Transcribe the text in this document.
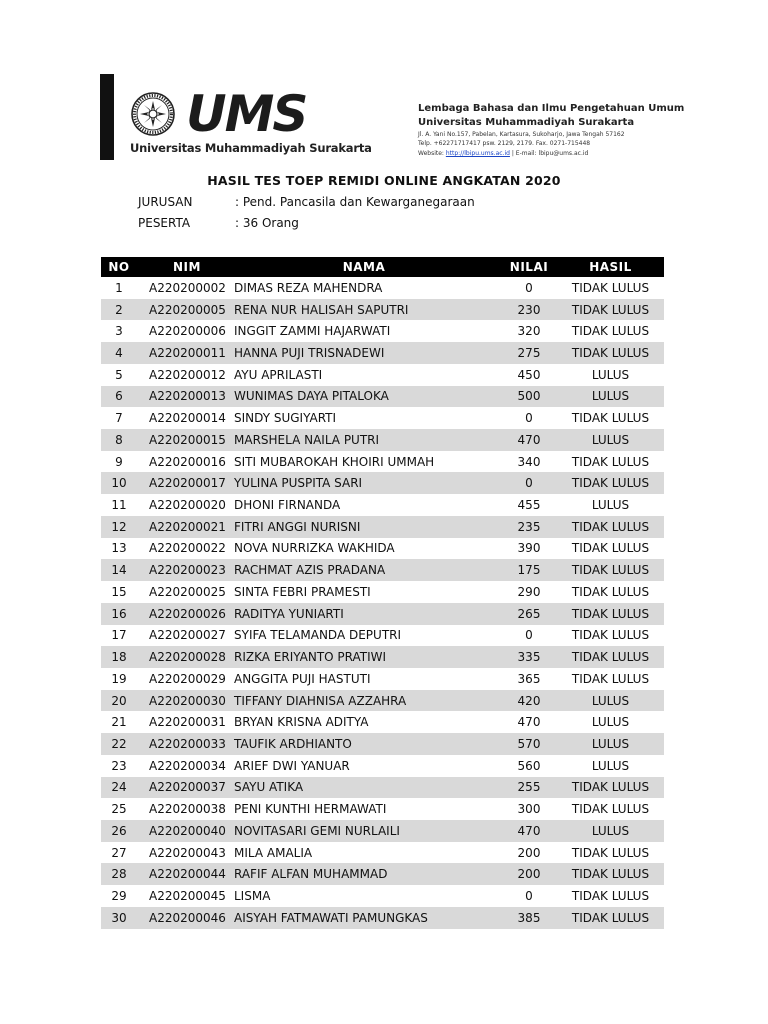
UMS
Universitas Muhammadiyah Surakarta
Lembaga Bahasa dan Ilmu Pengetahuan Umum
Universitas Muhammadiyah Surakarta
Jl. A. Yani No.157, Pabelan, Kartasura, Sukoharjo, Jawa Tengah 57162
Telp. +62271717417 psw. 2129, 2179. Fax. 0271-715448
Website: http://lbipu.ums.ac.id | E-mail: lbipu@ums.ac.id
HASIL TES TOEP REMIDI ONLINE ANGKATAN 2020
JURUSAN	: Pend. Pancasila dan Kewarganegaraan
PESERTA	: 36 Orang
NO	NIM	NAMA	NILAI	HASIL
1	A220200002 DIMAS REZA MAHENDRA	0	TIDAK LULUS
2	A220200005 RENA NUR HALISAH SAPUTRI	230	TIDAK LULUS
3	A220200006 INGGIT ZAMMI HAJARWATI	320	TIDAK LULUS
4	A220200011 HANNA PUJI TRISNADEWI	275	TIDAK LULUS
5	A220200012 AYU APRILASTI	450	LULUS
6	A220200013 WUNIMAS DAYA PITALOKA	500	LULUS
7	A220200014 SINDY SUGIYARTI	0	TIDAK LULUS
8	A220200015 MARSHELA NAILA PUTRI	470	LULUS
9	A220200016 SITI MUBAROKAH KHOIRI UMMAH	340	TIDAK LULUS
10	A220200017 YULINA PUSPITA SARI	0	TIDAK LULUS
11	A220200020 DHONI FIRNANDA	455	LULUS
12	A220200021 FITRI ANGGI NURISNI	235	TIDAK LULUS
13	A220200022 NOVA NURRIZKA WAKHIDA	390	TIDAK LULUS
14	A220200023 RACHMAT AZIS PRADANA	175	TIDAK LULUS
15	A220200025 SINTA FEBRI PRAMESTI	290	TIDAK LULUS
16	A220200026 RADITYA YUNIARTI	265	TIDAK LULUS
17	A220200027 SYIFA TELAMANDA DEPUTRI	0	TIDAK LULUS
18	A220200028 RIZKA ERIYANTO PRATIWI	335	TIDAK LULUS
19	A220200029 ANGGITA PUJI HASTUTI	365	TIDAK LULUS
20	A220200030 TIFFANY DIAHNISA AZZAHRA	420	LULUS
21	A220200031 BRYAN KRISNA ADITYA	470	LULUS
22	A220200033 TAUFIK ARDHIANTO	570	LULUS
23	A220200034 ARIEF DWI YANUAR	560	LULUS
24	A220200037 SAYU ATIKA	255	TIDAK LULUS
25	A220200038 PENI KUNTHI HERMAWATI	300	TIDAK LULUS
26	A220200040 NOVITASARI GEMI NURLAILI	470	LULUS
27	A220200043 MILA AMALIA	200	TIDAK LULUS
28	A220200044 RAFIF ALFAN MUHAMMAD	200	TIDAK LULUS
29	A220200045 LISMA	0	TIDAK LULUS
30	A220200046 AISYAH FATMAWATI PAMUNGKAS	385	TIDAK LULUS
